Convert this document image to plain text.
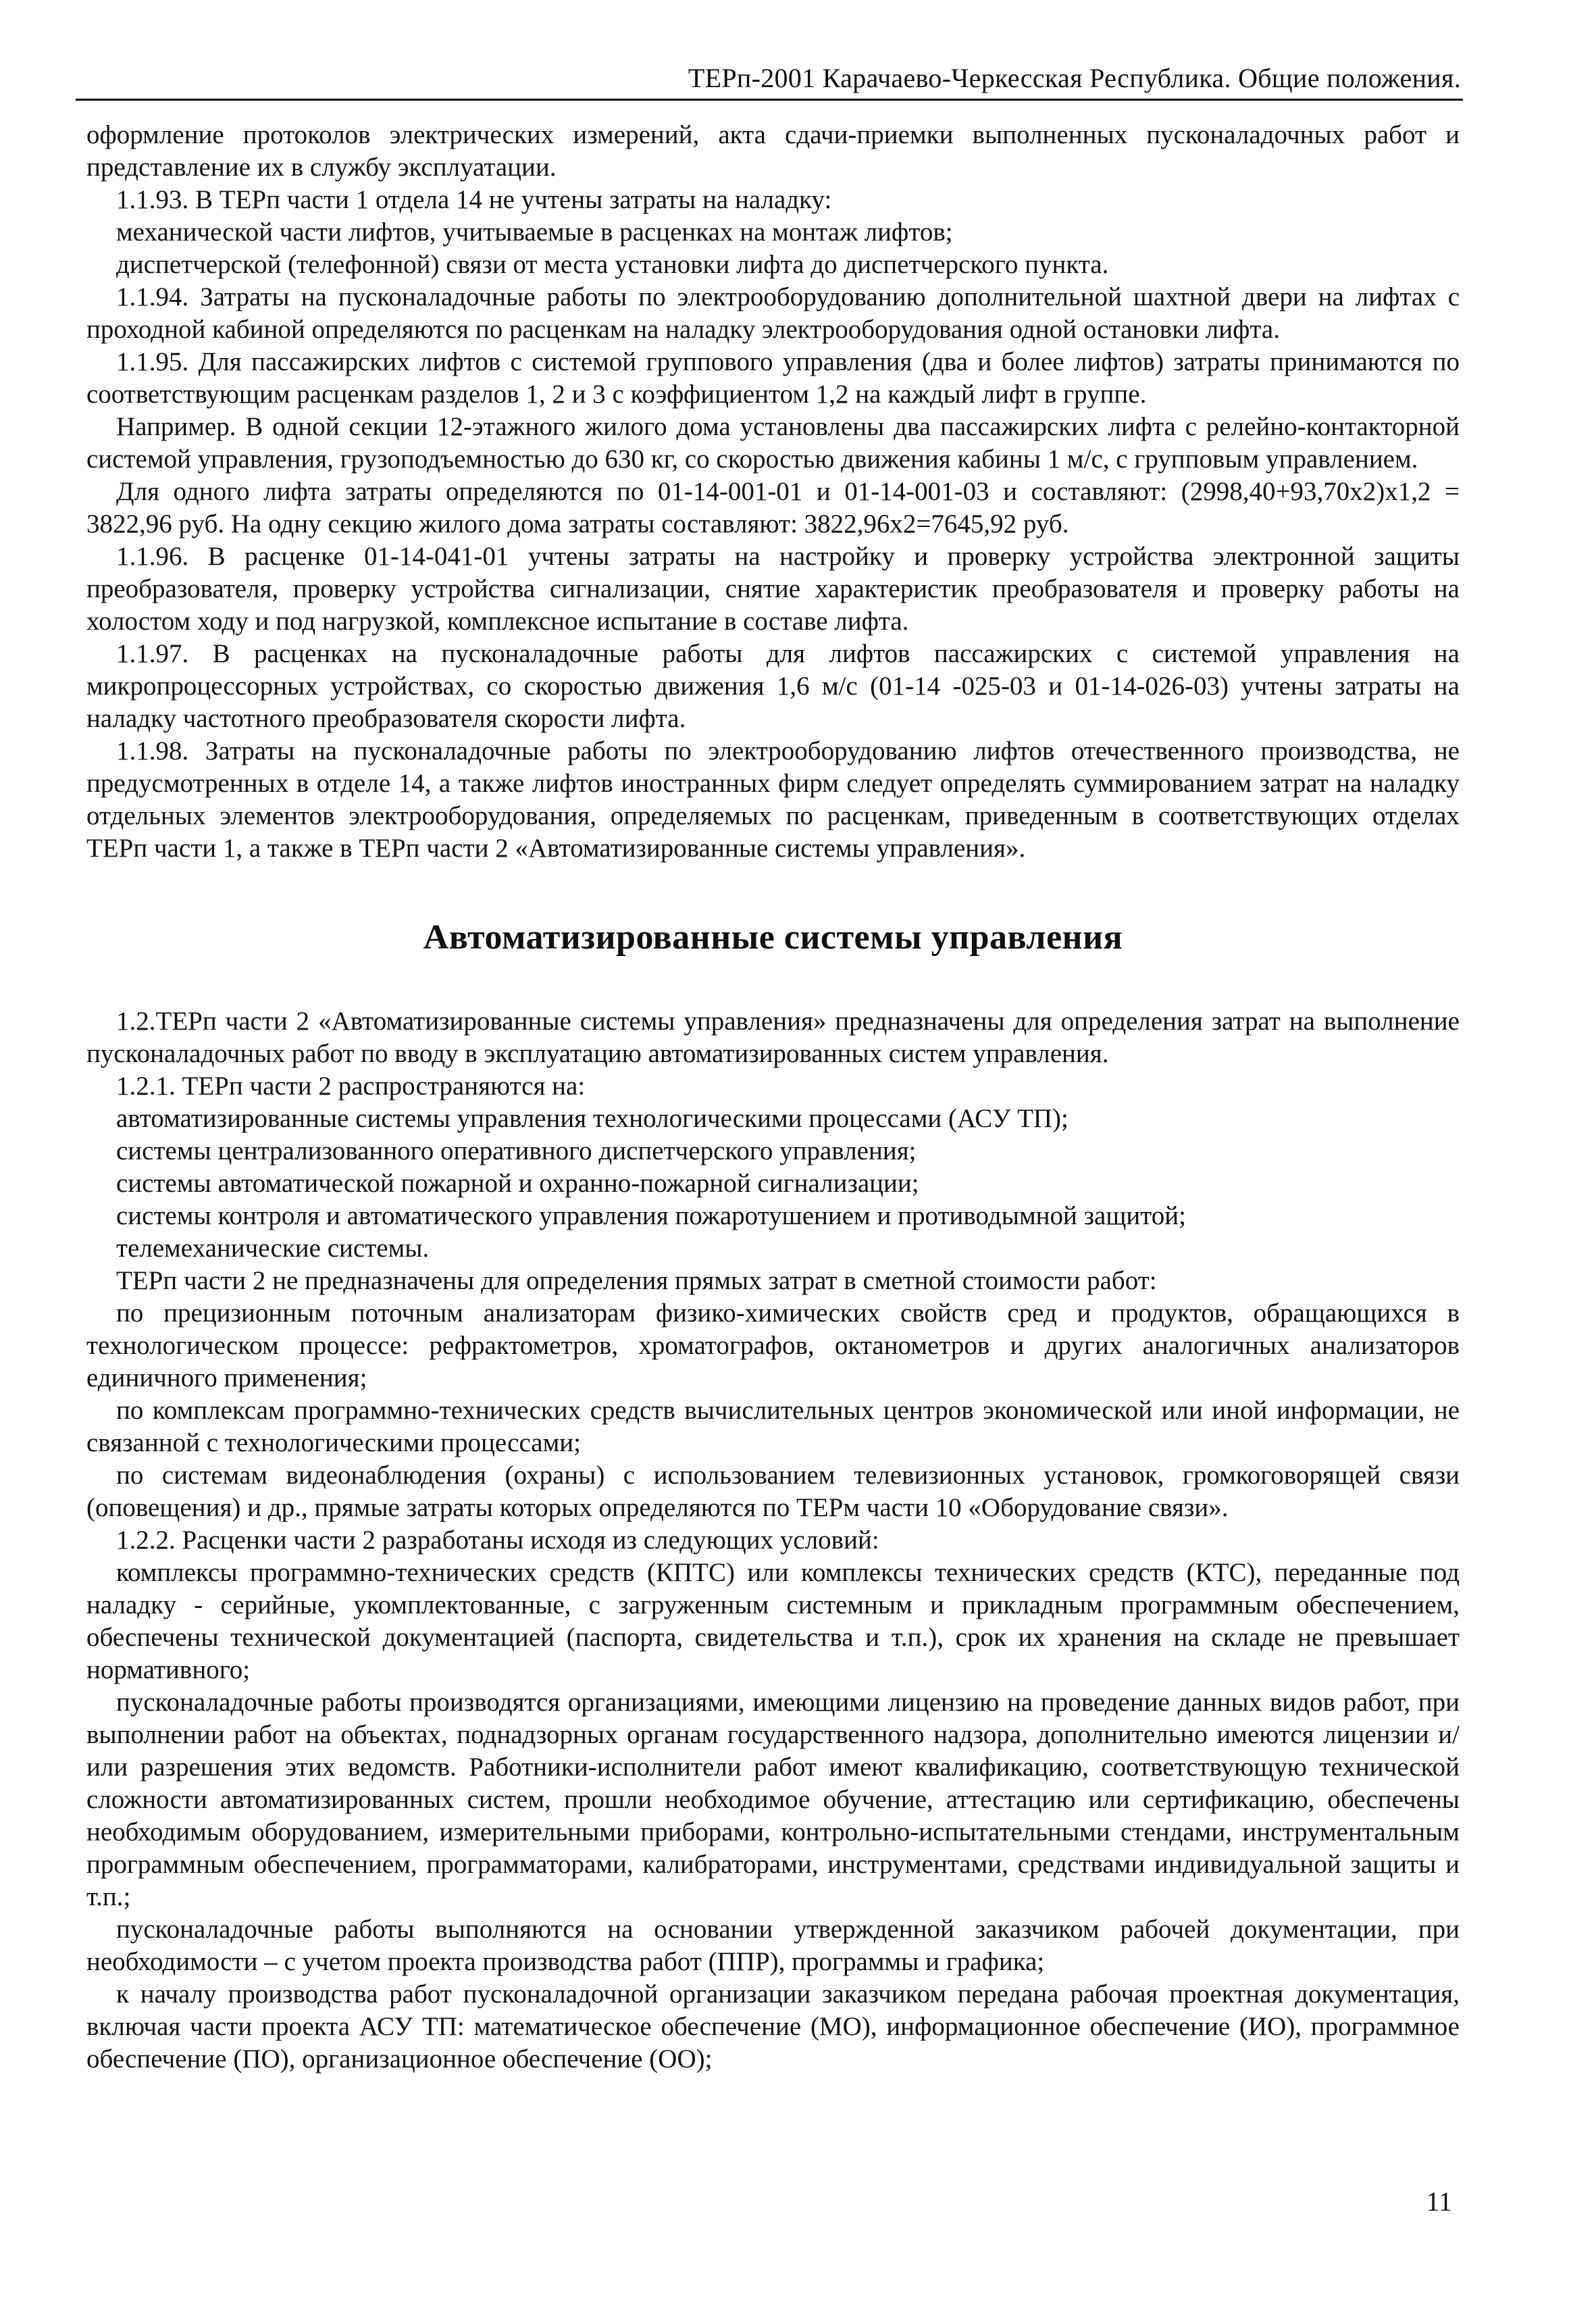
ТЕРп-2001 Карачаево-Черкесская Республика. Общие положения.

оформление протоколов электрических измерений, акта сдачи-приемки выполненных пусконаладочных работ и представление их в службу эксплуатации.

1.1.93. В ТЕРп части 1 отдела 14 не учтены затраты на наладку:

механической части лифтов, учитываемые в расценках на монтаж лифтов;

диспетчерской (телефонной) связи от места установки лифта до диспетчерского пункта.

1.1.94. Затраты на пусконаладочные работы по электрооборудованию дополнительной шахтной двери на лифтах с проходной кабиной определяются по расценкам на наладку электрооборудования одной остановки лифта.

1.1.95. Для пассажирских лифтов с системой группового управления (два и более лифтов) затраты принимаются по соответствующим расценкам разделов 1, 2 и 3 с коэффициентом 1,2 на каждый лифт в группе.

Например. В одной секции 12-этажного жилого дома установлены два пассажирских лифта с релейно-контакторной системой управления, грузоподъемностью до 630 кг, со скоростью движения кабины 1 м/с, с групповым управлением.

Для одного лифта затраты определяются по 01-14-001-01 и 01-14-001-03 и составляют: (2998,40+93,70х2)х1,2 = 3822,96 руб. На одну секцию жилого дома затраты составляют: 3822,96х2=7645,92 руб.

1.1.96. В расценке 01-14-041-01 учтены затраты на настройку и проверку устройства электронной защиты преобразователя, проверку устройства сигнализации, снятие характеристик преобразователя и проверку работы на холостом ходу и под нагрузкой, комплексное испытание в составе лифта.

1.1.97. В расценках на пусконаладочные работы для лифтов пассажирских с системой управления на микропроцессорных устройствах, со скоростью движения 1,6 м/с (01-14 -025-03 и 01-14-026-03) учтены затраты на наладку частотного преобразователя скорости лифта.

1.1.98. Затраты на пусконаладочные работы по электрооборудованию лифтов отечественного производства, не предусмотренных в отделе 14, а также лифтов иностранных фирм следует определять суммированием затрат на наладку отдельных элементов электрооборудования, определяемых по расценкам, приведенным в соответствующих отделах ТЕРп части 1, а также в ТЕРп части 2 «Автоматизированные системы управления».

Автоматизированные системы управления

1.2.ТЕРп части 2 «Автоматизированные системы управления» предназначены для определения затрат на выполнение пусконаладочных работ по вводу в эксплуатацию автоматизированных систем управления.

1.2.1. ТЕРп части 2 распространяются на:

автоматизированные системы управления технологическими процессами (АСУ ТП);

системы централизованного оперативного диспетчерского управления;

системы автоматической пожарной и охранно-пожарной сигнализации;

системы контроля и автоматического управления пожаротушением и противодымной защитой;

телемеханические системы.

ТЕРп части 2 не предназначены для определения прямых затрат в сметной стоимости работ:

по прецизионным поточным анализаторам физико-химических свойств сред и продуктов, обращающихся в технологическом процессе: рефрактометров, хроматографов, октанометров и других аналогичных анализаторов единичного применения;

по комплексам программно-технических средств вычислительных центров экономической или иной информации, не связанной с технологическими процессами;

по системам видеонаблюдения (охраны) с использованием телевизионных установок, громкоговорящей связи (оповещения) и др., прямые затраты которых определяются по ТЕРм части 10 «Оборудование связи».

1.2.2. Расценки части 2 разработаны исходя из следующих условий:

комплексы программно-технических средств (КПТС) или комплексы технических средств (КТС), переданные под наладку - серийные, укомплектованные, с загруженным системным и прикладным программным обеспечением, обеспечены технической документацией (паспорта, свидетельства и т.п.), срок их хранения на складе не превышает нормативного;

пусконаладочные работы производятся организациями, имеющими лицензию на проведение данных видов работ, при выполнении работ на объектах, поднадзорных органам государственного надзора, дополнительно имеются лицензии и/или разрешения этих ведомств. Работники-исполнители работ имеют квалификацию, соответствующую технической сложности автоматизированных систем, прошли необходимое обучение, аттестацию или сертификацию, обеспечены необходимым оборудованием, измерительными приборами, контрольно-испытательными стендами, инструментальным программным обеспечением, программаторами, калибраторами, инструментами, средствами индивидуальной защиты и т.п.;

пусконаладочные работы выполняются на основании утвержденной заказчиком рабочей документации, при необходимости – с учетом проекта производства работ (ППР), программы и графика;

к началу производства работ пусконаладочной организации заказчиком передана рабочая проектная документация, включая части проекта АСУ ТП: математическое обеспечение (МО), информационное обеспечение (ИО), программное обеспечение (ПО), организационное обеспечение (ОО);

11
